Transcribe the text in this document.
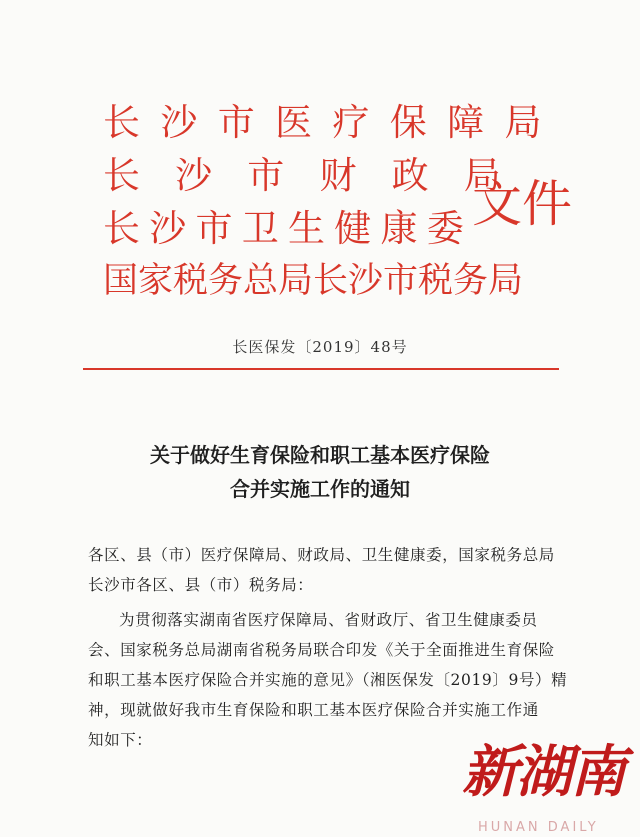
长沙市医疗保障局
长沙市财政局
长沙市卫生健康委
国家税务总局长沙市税务局
文件
长医保发〔2019〕48号
关于做好生育保险和职工基本医疗保险
合并实施工作的通知
各区、县（市）医疗保障局、财政局、卫生健康委，国家税务总局
长沙市各区、县（市）税务局：
为贯彻落实湖南省医疗保障局、省财政厅、省卫生健康委员
会、国家税务总局湖南省税务局联合印发《关于全面推进生育保险
和职工基本医疗保险合并实施的意见》（湘医保发〔2019〕9号）精
神，现就做好我市生育保险和职工基本医疗保险合并实施工作通
知如下：	新湖南
HUNAN DAILY
